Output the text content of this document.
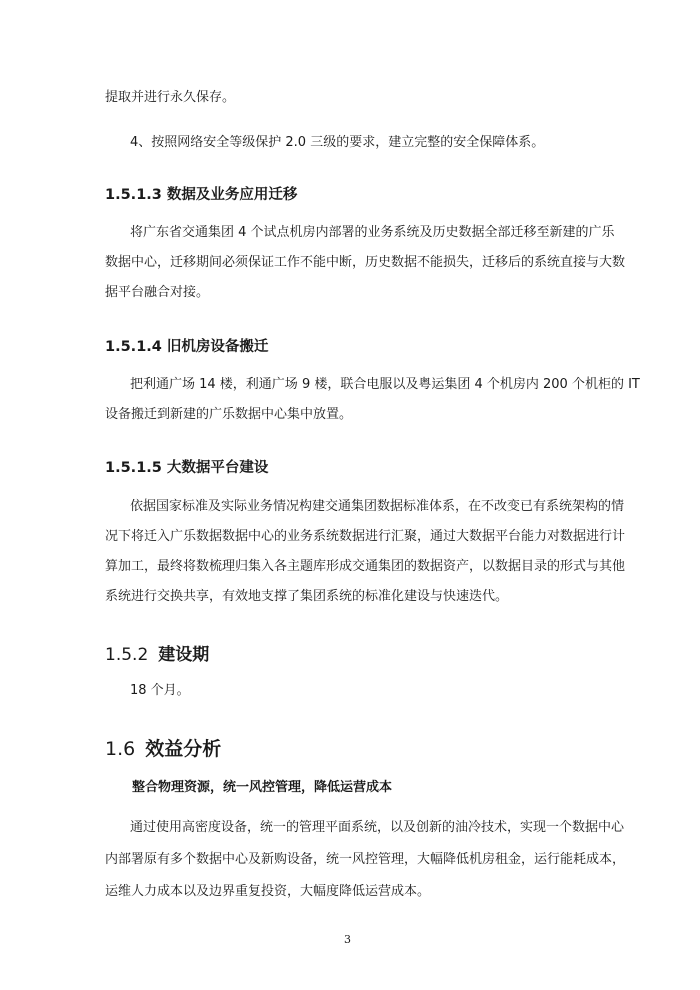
提取并进行永久保存。
4、按照网络安全等级保护 2.0 三级的要求，建立完整的安全保障体系。
1.5.1.3 数据及业务应用迁移
将广东省交通集团 4 个试点机房内部署的业务系统及历史数据全部迁移至新建的广乐
数据中心，迁移期间必须保证工作不能中断，历史数据不能损失，迁移后的系统直接与大数
据平台融合对接。
1.5.1.4 旧机房设备搬迁
把利通广场 14 楼，利通广场 9 楼，联合电服以及粤运集团 4 个机房内 200 个机柜的 IT
设备搬迁到新建的广乐数据中心集中放置。
1.5.1.5 大数据平台建设
依据国家标准及实际业务情况构建交通集团数据标准体系，在不改变已有系统架构的情
况下将迁入广乐数据数据中心的业务系统数据进行汇聚，通过大数据平台能力对数据进行计
算加工，最终将数梳理归集入各主题库形成交通集团的数据资产，以数据目录的形式与其他
系统进行交换共享，有效地支撑了集团系统的标准化建设与快速迭代。
1.5.2 建设期
18 个月。
1.6 效益分析
整合物理资源，统一风控管理，降低运营成本
通过使用高密度设备，统一的管理平面系统，以及创新的油冷技术，实现一个数据中心
内部署原有多个数据中心及新购设备，统一风控管理，大幅降低机房租金，运行能耗成本，
运维人力成本以及边界重复投资，大幅度降低运营成本。
3
